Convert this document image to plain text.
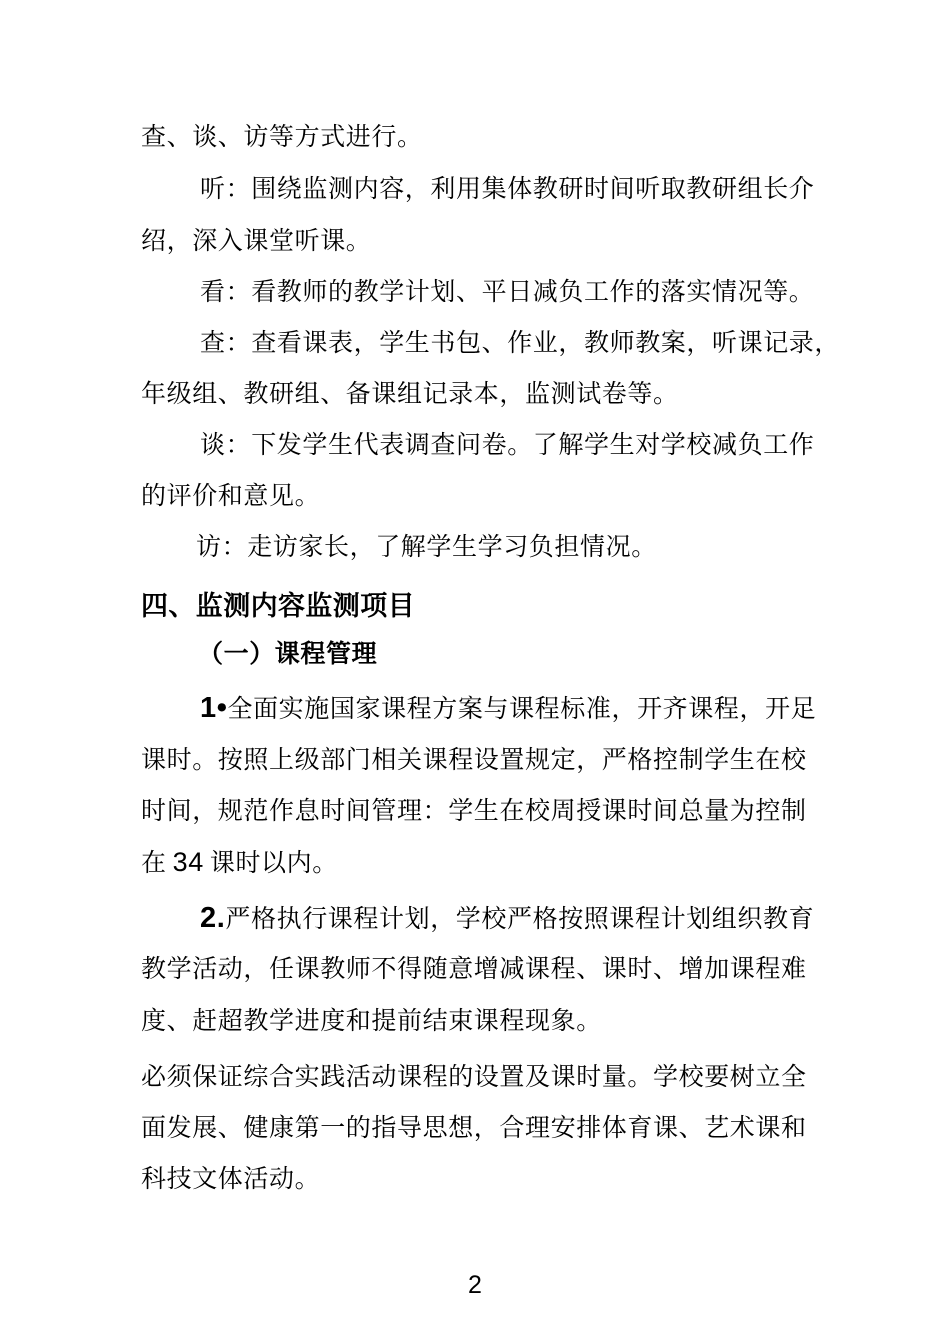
查、谈、访等方式进行。
听：围绕监测内容，利用集体教研时间听取教研组长介
绍，深入课堂听课。
看：看教师的教学计划、平日减负工作的落实情况等。
查：查看课表，学生书包、作业，教师教案，听课记录，
年级组、教研组、备课组记录本，监测试卷等。
谈：下发学生代表调查问卷。了解学生对学校减负工作
的评价和意见。
访：走访家长，了解学生学习负担情况。
四、监测内容监测项目
（一）课程管理
1•全面实施国家课程方案与课程标准，开齐课程，开足
课时。按照上级部门相关课程设置规定，严格控制学生在校
时间，规范作息时间管理：学生在校周授课时间总量为控制
在 34 课时以内。
2.严格执行课程计划，学校严格按照课程计划组织教育
教学活动，任课教师不得随意增减课程、课时、增加课程难
度、赶超教学进度和提前结束课程现象。
必须保证综合实践活动课程的设置及课时量。学校要树立全
面发展、健康第一的指导思想，合理安排体育课、艺术课和
科技文体活动。
2
